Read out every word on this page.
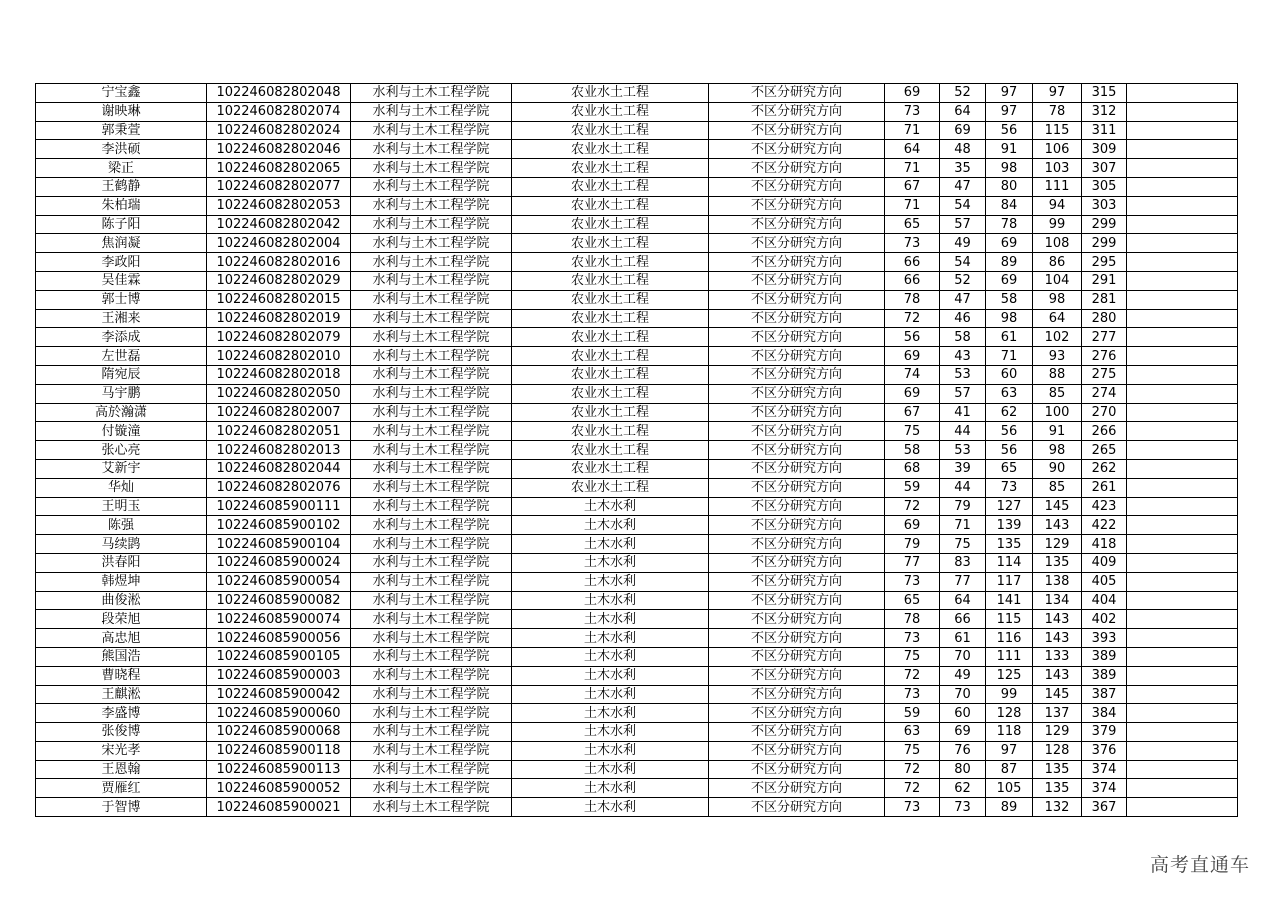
宁宝鑫	102246082802048	水利与土木工程学院	农业水土工程	不区分研究方向	69	52	97	97	315	
谢映琳	102246082802074	水利与土木工程学院	农业水土工程	不区分研究方向	73	64	97	78	312	
郭秉萱	102246082802024	水利与土木工程学院	农业水土工程	不区分研究方向	71	69	56	115	311	
李洪硕	102246082802046	水利与土木工程学院	农业水土工程	不区分研究方向	64	48	91	106	309	
梁正	102246082802065	水利与土木工程学院	农业水土工程	不区分研究方向	71	35	98	103	307	
王鹤静	102246082802077	水利与土木工程学院	农业水土工程	不区分研究方向	67	47	80	111	305	
朱柏瑞	102246082802053	水利与土木工程学院	农业水土工程	不区分研究方向	71	54	84	94	303	
陈子阳	102246082802042	水利与土木工程学院	农业水土工程	不区分研究方向	65	57	78	99	299	
焦润凝	102246082802004	水利与土木工程学院	农业水土工程	不区分研究方向	73	49	69	108	299	
李政阳	102246082802016	水利与土木工程学院	农业水土工程	不区分研究方向	66	54	89	86	295	
吴佳霖	102246082802029	水利与土木工程学院	农业水土工程	不区分研究方向	66	52	69	104	291	
郭士博	102246082802015	水利与土木工程学院	农业水土工程	不区分研究方向	78	47	58	98	281	
王湘来	102246082802019	水利与土木工程学院	农业水土工程	不区分研究方向	72	46	98	64	280	
李添成	102246082802079	水利与土木工程学院	农业水土工程	不区分研究方向	56	58	61	102	277	
左世磊	102246082802010	水利与土木工程学院	农业水土工程	不区分研究方向	69	43	71	93	276	
隋宛辰	102246082802018	水利与土木工程学院	农业水土工程	不区分研究方向	74	53	60	88	275	
马宇鹏	102246082802050	水利与土木工程学院	农业水土工程	不区分研究方向	69	57	63	85	274	
高於瀚潇	102246082802007	水利与土木工程学院	农业水土工程	不区分研究方向	67	41	62	100	270	
付镟潼	102246082802051	水利与土木工程学院	农业水土工程	不区分研究方向	75	44	56	91	266	
张心亮	102246082802013	水利与土木工程学院	农业水土工程	不区分研究方向	58	53	56	98	265	
艾新宇	102246082802044	水利与土木工程学院	农业水土工程	不区分研究方向	68	39	65	90	262	
华灿	102246082802076	水利与土木工程学院	农业水土工程	不区分研究方向	59	44	73	85	261	
王明玉	102246085900111	水利与土木工程学院	土木水利	不区分研究方向	72	79	127	145	423	
陈强	102246085900102	水利与土木工程学院	土木水利	不区分研究方向	69	71	139	143	422	
马续鹍	102246085900104	水利与土木工程学院	土木水利	不区分研究方向	79	75	135	129	418	
洪春阳	102246085900024	水利与土木工程学院	土木水利	不区分研究方向	77	83	114	135	409	
韩煜坤	102246085900054	水利与土木工程学院	土木水利	不区分研究方向	73	77	117	138	405	
曲俊淞	102246085900082	水利与土木工程学院	土木水利	不区分研究方向	65	64	141	134	404	
段荣旭	102246085900074	水利与土木工程学院	土木水利	不区分研究方向	78	66	115	143	402	
高忠旭	102246085900056	水利与土木工程学院	土木水利	不区分研究方向	73	61	116	143	393	
熊国浩	102246085900105	水利与土木工程学院	土木水利	不区分研究方向	75	70	111	133	389	
曹晓程	102246085900003	水利与土木工程学院	土木水利	不区分研究方向	72	49	125	143	389	
王麒淞	102246085900042	水利与土木工程学院	土木水利	不区分研究方向	73	70	99	145	387	
李盛博	102246085900060	水利与土木工程学院	土木水利	不区分研究方向	59	60	128	137	384	
张俊博	102246085900068	水利与土木工程学院	土木水利	不区分研究方向	63	69	118	129	379	
宋光孝	102246085900118	水利与土木工程学院	土木水利	不区分研究方向	75	76	97	128	376	
王恩翰	102246085900113	水利与土木工程学院	土木水利	不区分研究方向	72	80	87	135	374	
贾雁红	102246085900052	水利与土木工程学院	土木水利	不区分研究方向	72	62	105	135	374	
于智博	102246085900021	水利与土木工程学院	土木水利	不区分研究方向	73	73	89	132	367	
高考直通车
